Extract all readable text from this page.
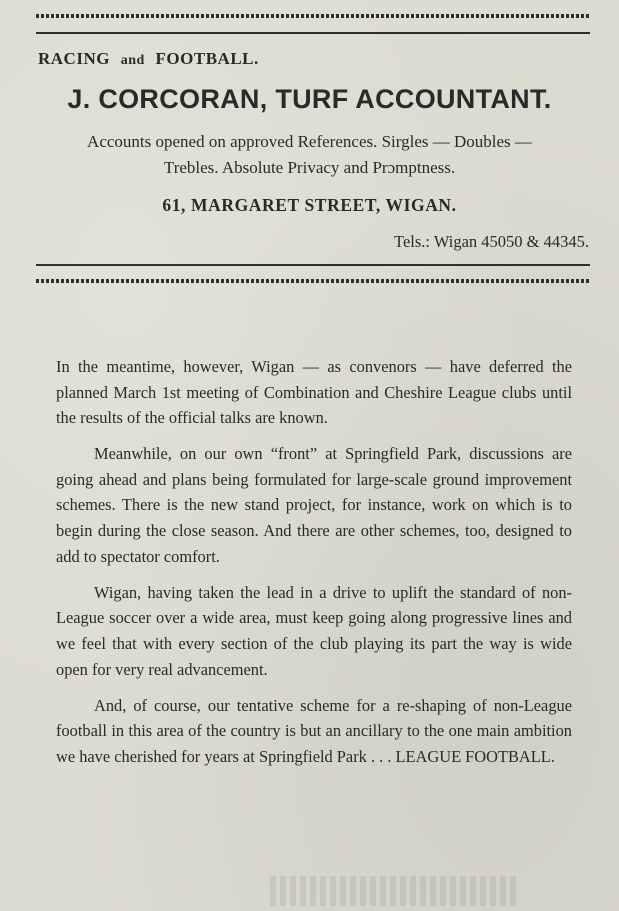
RACING and FOOTBALL.
J. CORCORAN, TURF ACCOUNTANT.
Accounts opened on approved References. Sirgles — Doubles —
Trebles. Absolute Privacy and Prɔmptness.
61, MARGARET STREET, WIGAN.
Tels.: Wigan 45050 & 44345.

In the meantime, however, Wigan — as convenors — have deferred the planned March 1st meeting of Combination and Cheshire League clubs until the results of the official talks are known.

Meanwhile, on our own “front” at Springfield Park, discussions are going ahead and plans being formulated for large-scale ground improvement schemes. There is the new stand project, for instance, work on which is to begin during the close season. And there are other schemes, too, designed to add to spectator comfort.

Wigan, having taken the lead in a drive to uplift the standard of non-League soccer over a wide area, must keep going along progressive lines and we feel that with every section of the club playing its part the way is wide open for very real advancement.

And, of course, our tentative scheme for a re-shaping of non-League football in this area of the country is but an ancillary to the one main ambition we have cherished for years at Springfield Park . . . LEAGUE FOOTBALL.
